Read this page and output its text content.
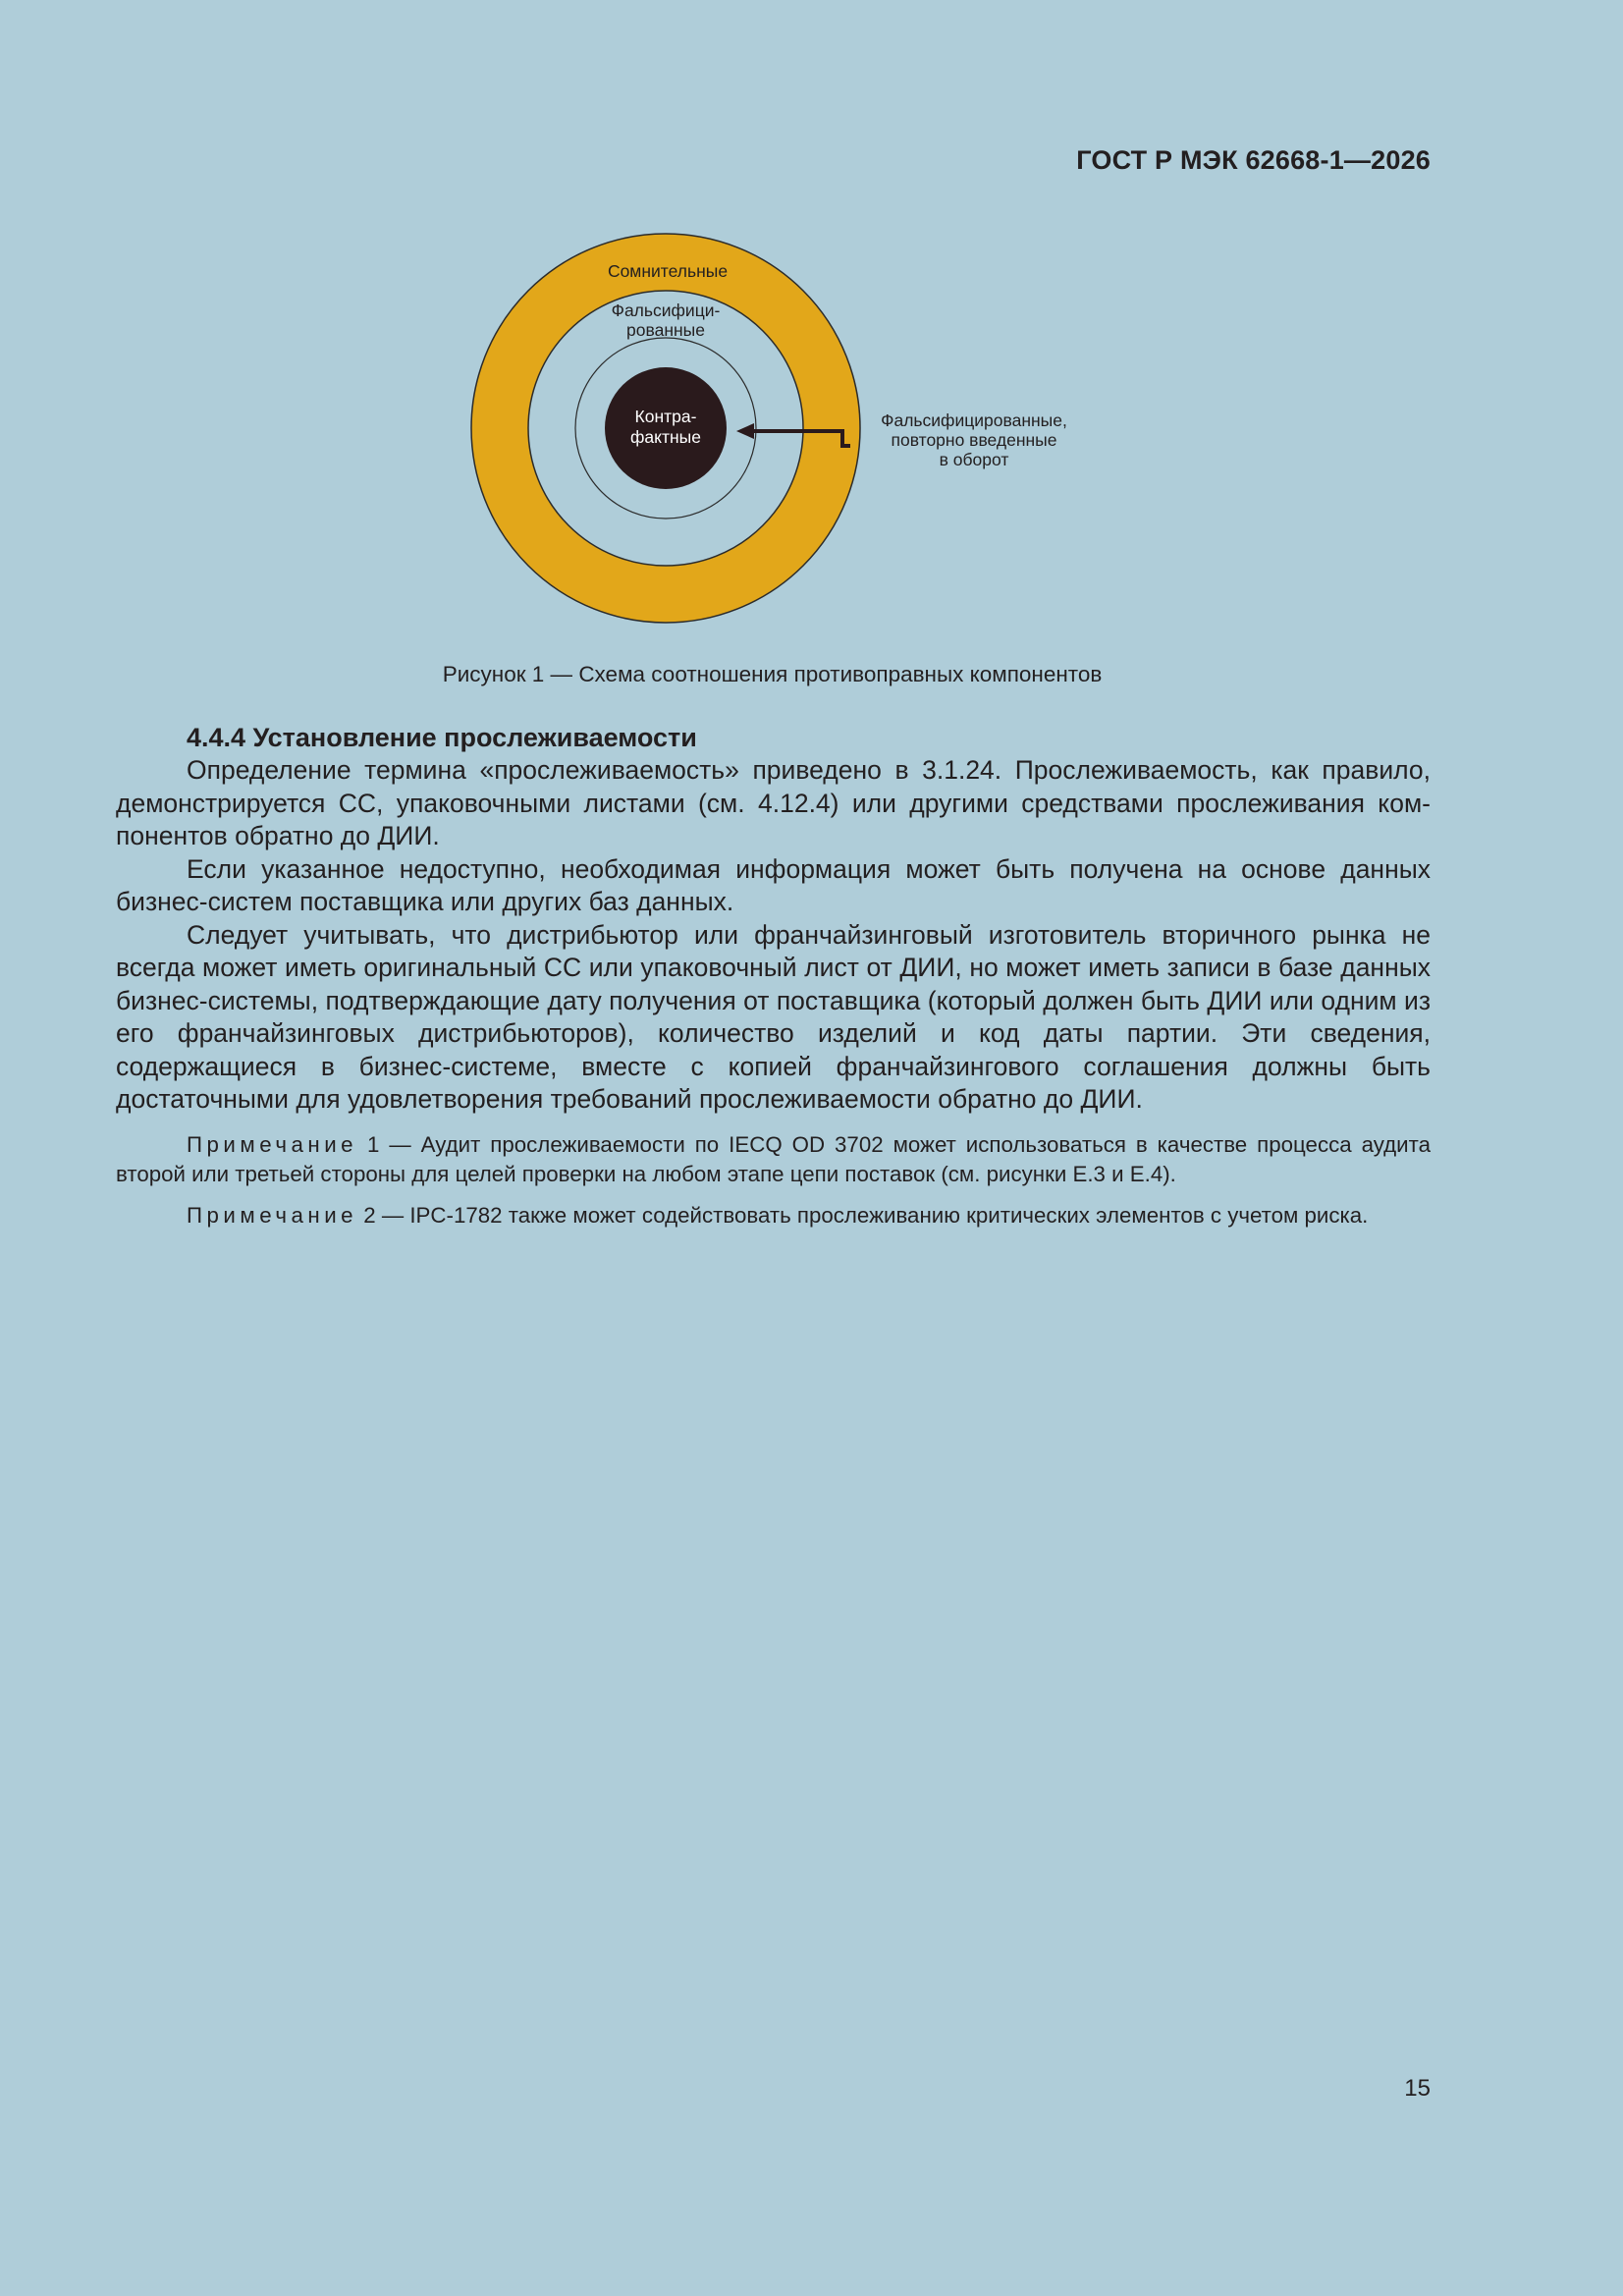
ГОСТ Р МЭК 62668-1—2026
Сомнительные
Фальсифици-
рованные
Контра-
фактные
Фальсифицированные,
повторно введенные
в оборот
Рисунок 1 — Схема соотношения противоправных компонентов

4.4.4 Установление прослеживаемости

Определение термина «прослеживаемость» приведено в 3.1.24. Прослеживаемость, как правило, демонстрируется СС, упаковочными листами (см. 4.12.4) или другими средствами прослеживания компонентов обратно до ДИИ.

Если указанное недоступно, необходимая информация может быть получена на основе данных бизнес-систем поставщика или других баз данных.

Следует учитывать, что дистрибьютор или франчайзинговый изготовитель вторичного рынка не всегда может иметь оригинальный СС или упаковочный лист от ДИИ, но может иметь записи в базе данных бизнес-системы, подтверждающие дату получения от поставщика (который должен быть ДИИ или одним из его франчайзинговых дистрибьюторов), количество изделий и код даты партии. Эти сведения, содержащиеся в бизнес-системе, вместе с копией франчайзингового соглашения должны быть достаточными для удовлетворения требований прослеживаемости обратно до ДИИ.

Примечание 1 — Аудит прослеживаемости по IECQ OD 3702 может использоваться в качестве процесса аудита второй или третьей стороны для целей проверки на любом этапе цепи поставок (см. рисунки Е.3 и Е.4).

Примечание 2 — IPC-1782 также может содействовать прослеживанию критических элементов с учетом риска.

15
